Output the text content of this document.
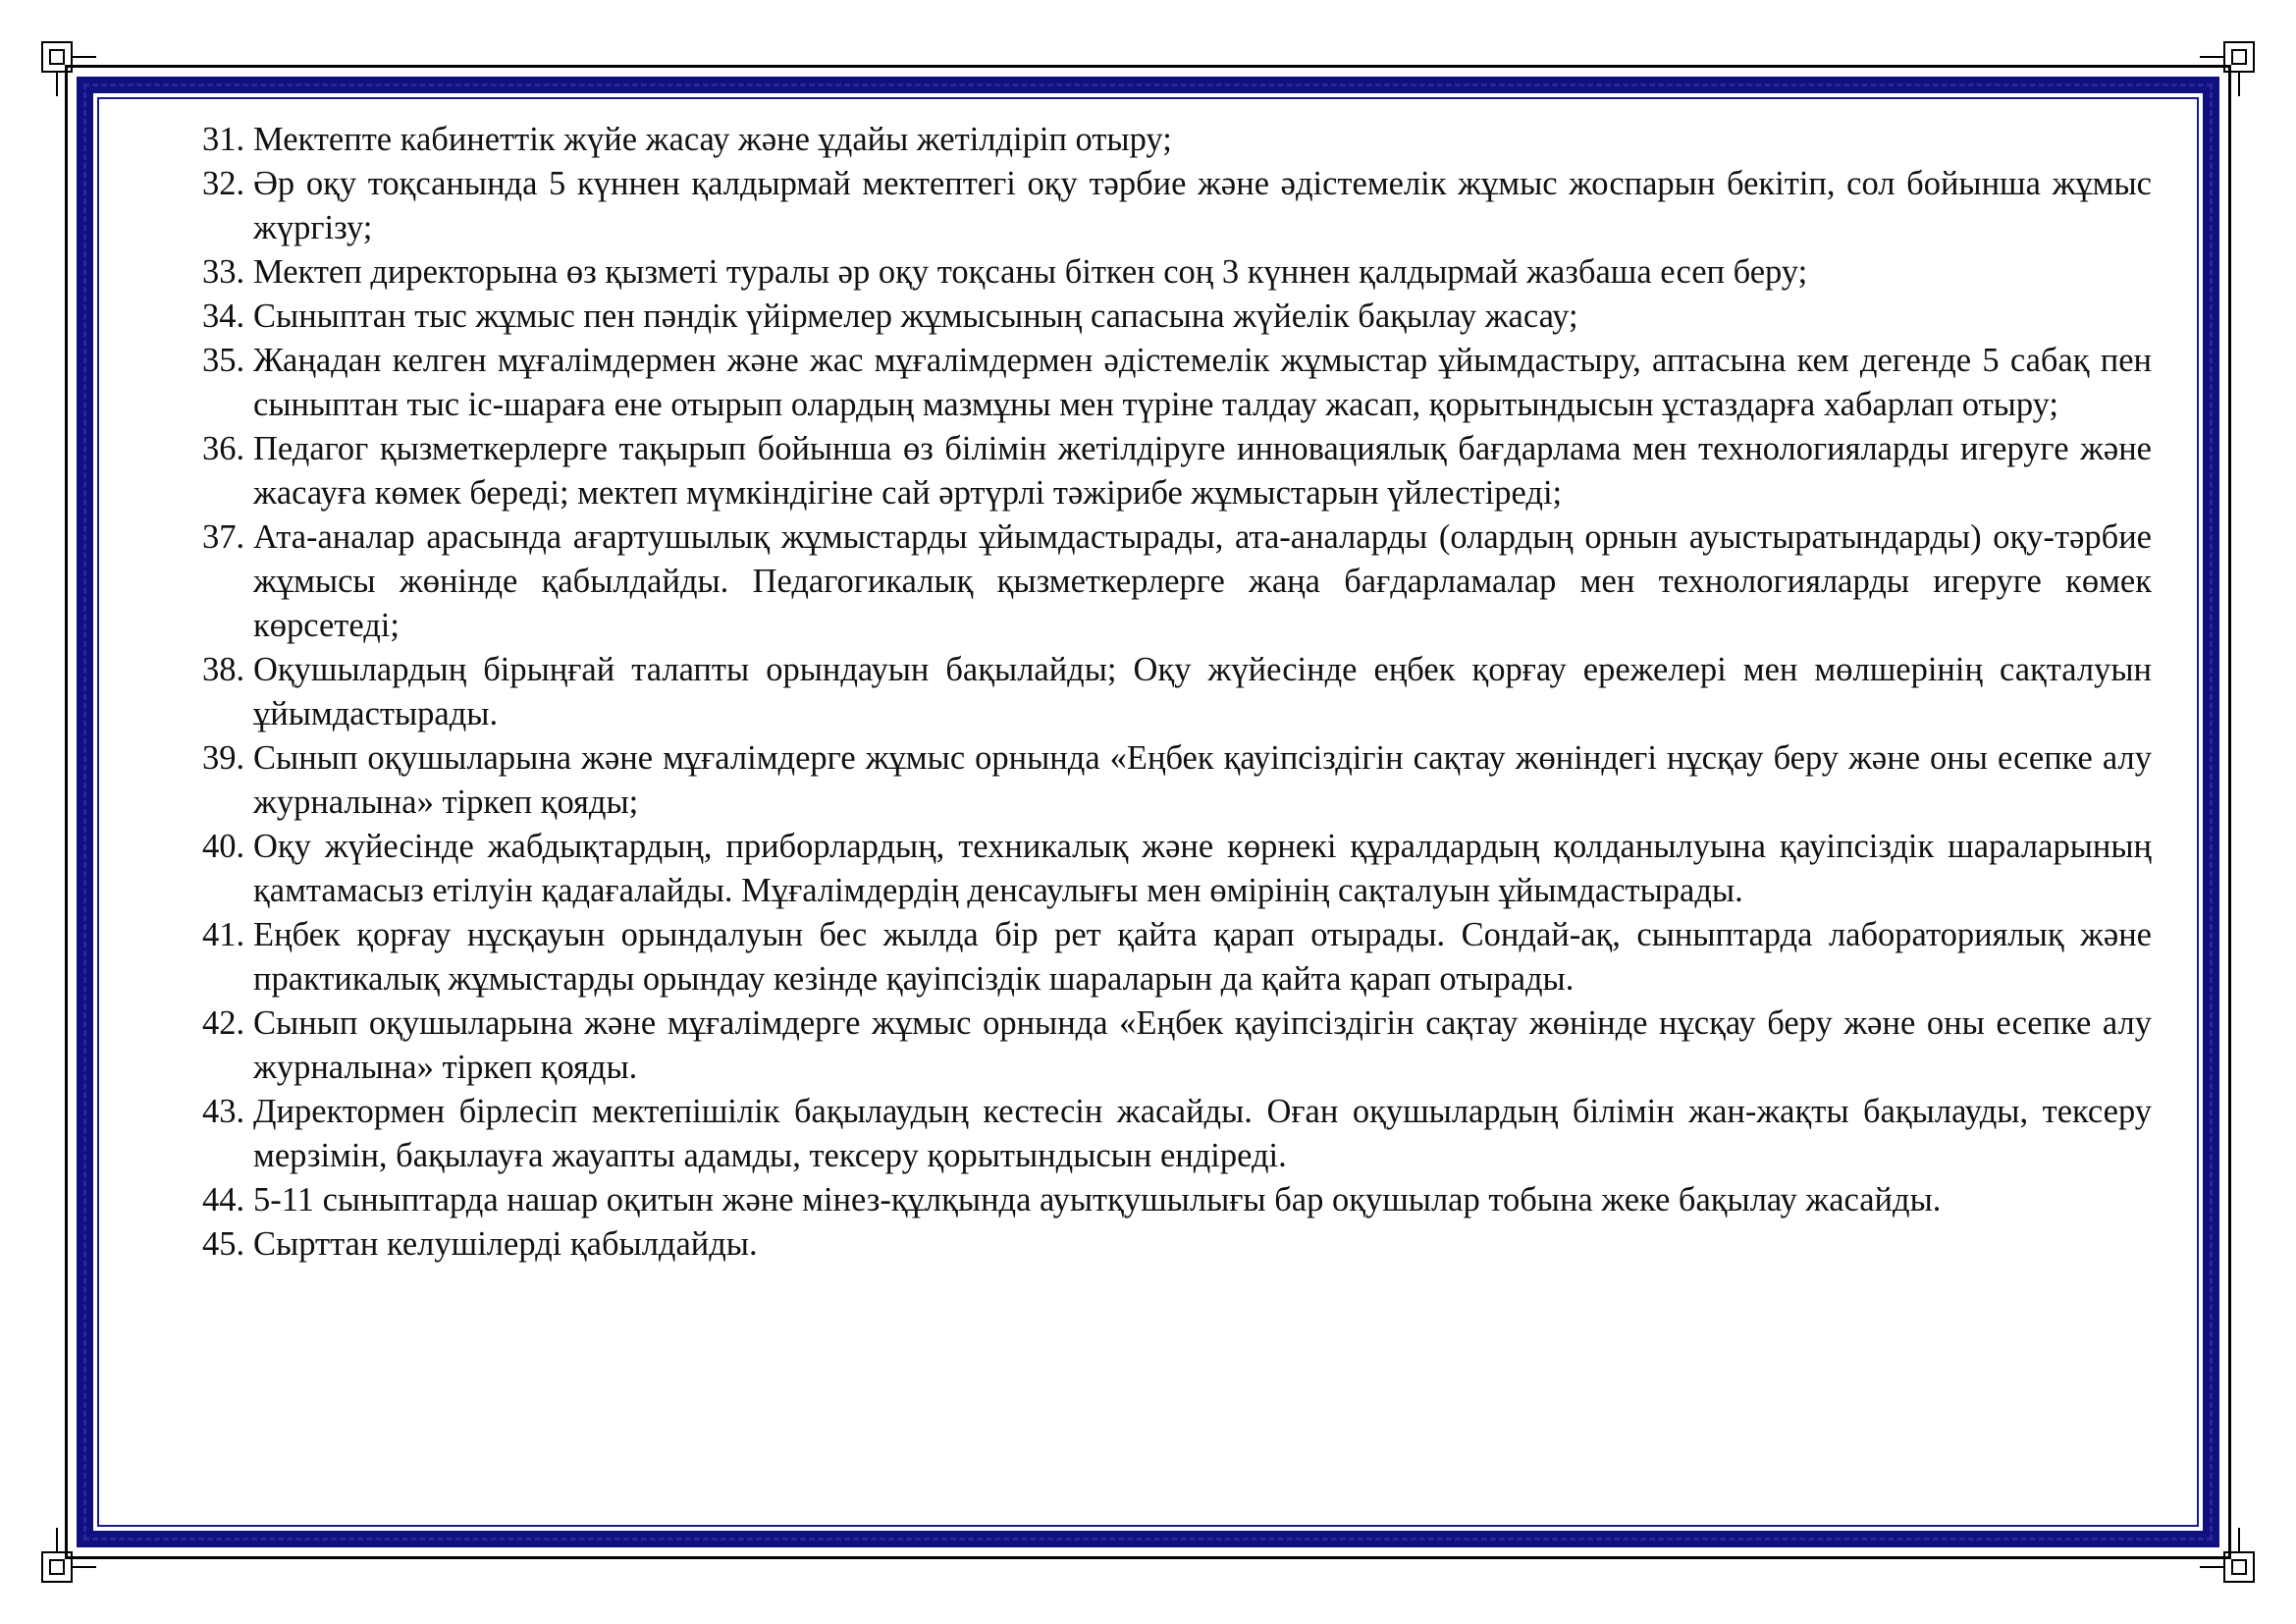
31. Мектепте кабинеттік жүйе жасау және ұдайы жетілдіріп отыру;

32. Әр оқу тоқсанында 5 күннен қалдырмай мектептегі оқу тәрбие және әдістемелік жұмыс жоспарын бекітіп, сол бойынша жұмыс жүргізу;

33. Мектеп директорына өз қызметі туралы әр оқу тоқсаны біткен соң 3 күннен қалдырмай жазбаша есеп беру;

34. Сыныптан тыс жұмыс пен пәндік үйірмелер жұмысының сапасына жүйелік бақылау жасау;

35. Жаңадан келген мұғалімдермен және жас мұғалімдермен әдістемелік жұмыстар ұйымдастыру, аптасына кем дегенде 5 сабақ пен сыныптан тыс іс-шараға ене отырып олардың мазмұны мен түріне талдау жасап, қорытындысын ұстаздарға хабарлап отыру;

36. Педагог қызметкерлерге тақырып бойынша өз білімін жетілдіруге инновациялық бағдарлама мен технологияларды игеруге және жасауға көмек береді; мектеп мүмкіндігіне сай әртүрлі тәжірибе жұмыстарын үйлестіреді;

37. Ата-аналар арасында ағартушылық жұмыстарды ұйымдастырады, ата-аналарды (олардың орнын ауыстыратындарды) оқу-тәрбие жұмысы жөнінде қабылдайды. Педагогикалық қызметкерлерге жаңа бағдарламалар мен технологияларды игеруге көмек көрсетеді;

38. Оқушылардың бірыңғай талапты орындауын бақылайды; Оқу жүйесінде еңбек қорғау ережелері мен мөлшерінің сақталуын ұйымдастырады.

39. Сынып оқушыларына және мұғалімдерге жұмыс орнында «Еңбек қауіпсіздігін сақтау жөніндегі нұсқау беру және оны есепке алу журналына» тіркеп қояды;

40. Оқу жүйесінде жабдықтардың, приборлардың, техникалық және көрнекі құралдардың қолданылуына қауіпсіздік шараларының қамтамасыз етілуін қадағалайды. Мұғалімдердің денсаулығы мен өмірінің сақталуын ұйымдастырады.

41. Еңбек қорғау нұсқауын орындалуын бес жылда бір рет қайта қарап отырады. Сондай-ақ, сыныптарда лабораториялық және практикалық жұмыстарды орындау кезінде қауіпсіздік шараларын да қайта қарап отырады.

42. Сынып оқушыларына және мұғалімдерге жұмыс орнында «Еңбек қауіпсіздігін сақтау жөнінде нұсқау беру және оны есепке алу журналына» тіркеп қояды.

43. Директормен бірлесіп мектепішілік бақылаудың кестесін жасайды. Оған оқушылардың білімін жан-жақты бақылауды, тексеру мерзімін, бақылауға жауапты адамды, тексеру қорытындысын ендіреді.

44. 5-11 сыныптарда нашар оқитын және мінез-құлқында ауытқушылығы бар оқушылар тобына жеке бақылау жасайды.

45. Сырттан келушілерді қабылдайды.
